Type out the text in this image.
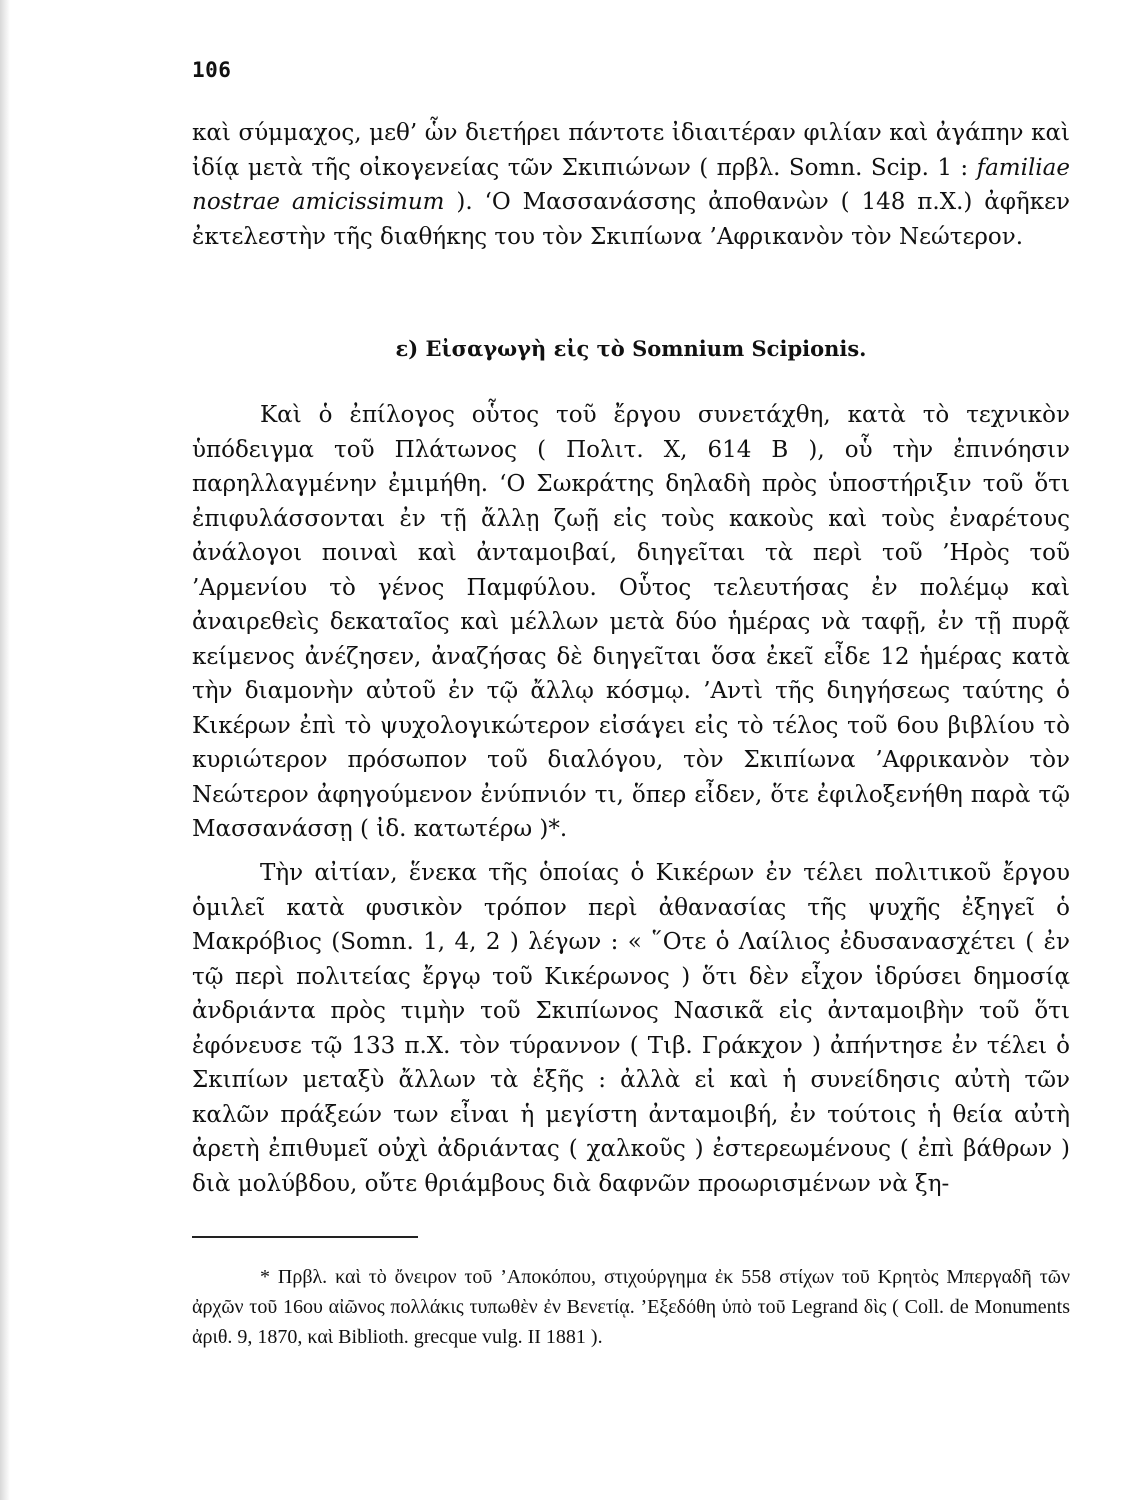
106

καὶ σύμμαχος, μεθ’ ὧν διετήρει πάντοτε ἰδιαιτέραν φιλίαν καὶ ἀγάπην καὶ ἰδίᾳ μετὰ τῆς οἰκογενείας τῶν Σκιπιώνων ( πρβλ. Somn. Scip. 1 : familiae nostrae amicissimum ). ‘Ο Μασσανάσσης ἀποθανὼν ( 148 π.Χ.) ἀφῆκεν ἐκτελεστὴν τῆς διαθήκης του τὸν Σκιπίωνα ’Αφρικανὸν τὸν Νεώτερον.

ε) Εἰσαγωγὴ εἰς τὸ Somnium Scipionis.

Καὶ ὁ ἐπίλογος οὗτος τοῦ ἔργου συνετάχθη, κατὰ τὸ τεχνικὸν ὑπόδειγμα τοῦ Πλάτωνος ( Πολιτ. X, 614 B ), οὗ τὴν ἐπινόησιν παρηλλαγμένην ἐμιμήθη. ‘Ο Σωκράτης δηλαδὴ πρὸς ὑποστήριξιν τοῦ ὅτι ἐπιφυλάσσονται ἐν τῇ ἄλλῃ ζωῇ εἰς τοὺς κακοὺς καὶ τοὺς ἐναρέτους ἀνάλογοι ποιναὶ καὶ ἀνταμοιβαί, διηγεῖται τὰ περὶ τοῦ ’Ηρὸς τοῦ ’Αρμενίου τὸ γένος Παμφύλου. Οὗτος τελευτήσας ἐν πολέμῳ καὶ ἀναιρεθεὶς δεκαταῖος καὶ μέλλων μετὰ δύο ἡμέρας νὰ ταφῇ, ἐν τῇ πυρᾷ κείμενος ἀνέζησεν, ἀναζήσας δὲ διηγεῖται ὅσα ἐκεῖ εἶδε 12 ἡμέρας κατὰ τὴν διαμονὴν αὐτοῦ ἐν τῷ ἄλλῳ κόσμῳ. ’Αντὶ τῆς διηγήσεως ταύτης ὁ Κικέρων ἐπὶ τὸ ψυχολογικώτερον εἰσάγει εἰς τὸ τέλος τοῦ 6ου βιβλίου τὸ κυριώτερον πρόσωπον τοῦ διαλόγου, τὸν Σκιπίωνα ’Αφρικανὸν τὸν Νεώτερον ἀφηγούμενον ἐνύπνιόν τι, ὅπερ εἶδεν, ὅτε ἐφιλοξενήθη παρὰ τῷ Μασσανάσσῃ ( ἰδ. κατωτέρω )*.

Τὴν αἰτίαν, ἕνεκα τῆς ὁποίας ὁ Κικέρων ἐν τέλει πολιτικοῦ ἔργου ὁμιλεῖ κατὰ φυσικὸν τρόπον περὶ ἀθανασίας τῆς ψυχῆς ἐξηγεῖ ὁ Μακρόβιος (Somn. 1, 4, 2 ) λέγων : « ῞Οτε ὁ Λαίλιος ἐδυσανασχέτει ( ἐν τῷ περὶ πολιτείας ἔργῳ τοῦ Κικέρωνος ) ὅτι δὲν εἶχον ἱδρύσει δημοσίᾳ ἀνδριάντα πρὸς τιμὴν τοῦ Σκιπίωνος Νασικᾶ εἰς ἀνταμοιβὴν τοῦ ὅτι ἐφόνευσε τῷ 133 π.Χ. τὸν τύραννον ( Τιβ. Γράκχον ) ἀπήντησε ἐν τέλει ὁ Σκιπίων μεταξὺ ἄλλων τὰ ἑξῆς : ἀλλὰ εἰ καὶ ἡ συνείδησις αὐτὴ τῶν καλῶν πράξεών των εἶναι ἡ μεγίστη ἀνταμοιβή, ἐν τούτοις ἡ θεία αὐτὴ ἀρετὴ ἐπιθυμεῖ οὐχὶ ἀδριάντας ( χαλκοῦς ) ἐστερεωμένους ( ἐπὶ βάθρων ) διὰ μολύβδου, οὔτε θριάμβους διὰ δαφνῶν προωρισμένων νὰ ξη-

* Πρβλ. καὶ τὸ ὄνειρον τοῦ ’Αποκόπου, στιχούργημα ἐκ 558 στίχων τοῦ Κρητὸς Μπεργαδῆ τῶν ἀρχῶν τοῦ 16ου αἰῶνος πολλάκις τυπωθὲν ἐν Βενετίᾳ. ’Εξεδόθη ὑπὸ τοῦ Legrand δὶς ( Coll. de Monuments ἀριθ. 9, 1870, καὶ Biblioth. grecque vulg. II 1881 ).
